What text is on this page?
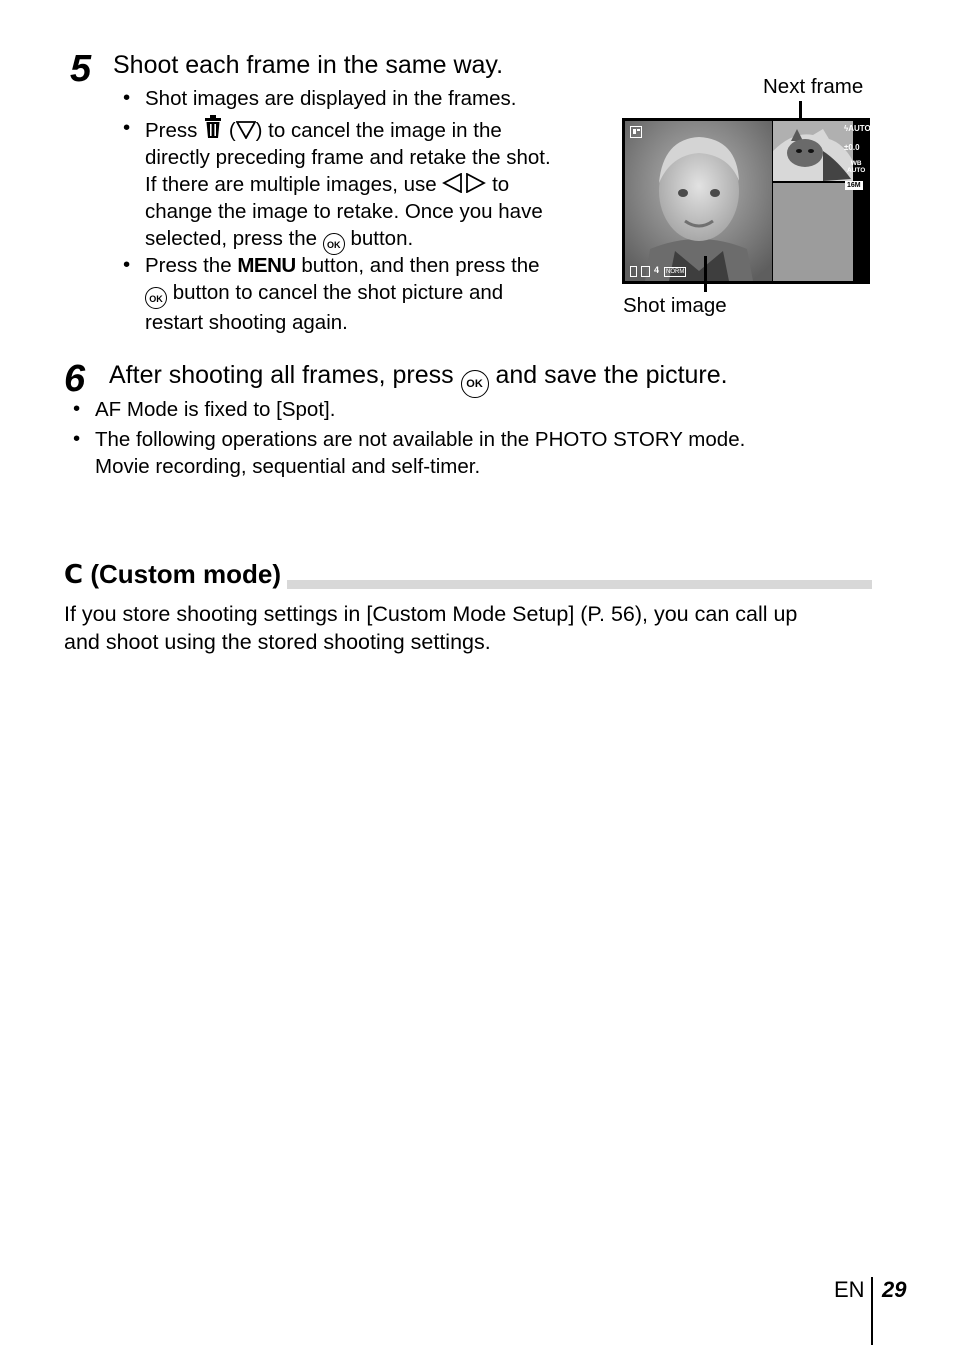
5 Shoot each frame in the same way.
• Shot images are displayed in the frames.
• Press ( ) to cancel the image in the
directly preceding frame and retake the shot.
If there are multiple images, use	to
change the image to retake. Once you have
selected, press the OK button.
• Press the MENU button, and then press the
OK button to cancel the shot picture and
restart shooting again.
Next frame
ϟAUTO
±0.0
WB
AUTO
16M
4	NORM
Shot image
6 After shooting all frames, press OK and save the picture.
• AF Mode is fixed to [Spot].
• The following operations are not available in the PHOTO STORY mode.
Movie recording, sequential and self-timer.
C (Custom mode)
If you store shooting settings in [Custom Mode Setup] (P. 56), you can call up
and shoot using the stored shooting settings.
EN 29
